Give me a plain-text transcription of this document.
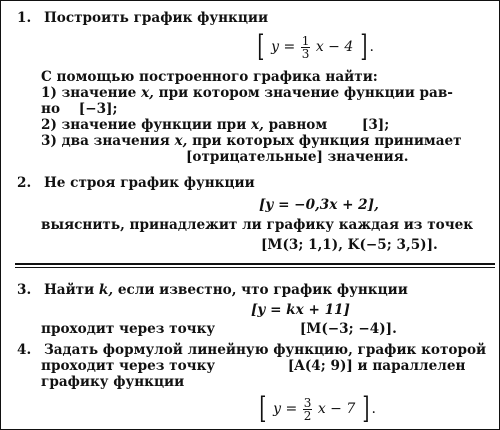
1. Построить график функции
[ $y = \frac{1}{3}$ x − 4 ] .
С помощью построенного графика найти:
1) значение x, при котором значение функции рав-
но [−3];
2) значение функции при x, равном	[3];
3) два значения x, при которых функция принимает
[отрицательные] значения.
2. Не строя график функции
[y = −0,3x + 2],
выяснить, принадлежит ли графику каждая из точек
[M(3; 1,1), K(−5; 3,5)].
3. Найти k, если известно, что график функции
[y = kx + 11]
проходит через точку	[M(−3; −4)].
4. Задать формулой линейную функцию, график которой
проходит через точку	[A(4; 9)] и параллелен
графику функции
[ $y = \frac{3}{2}$ x − 7 ] .
